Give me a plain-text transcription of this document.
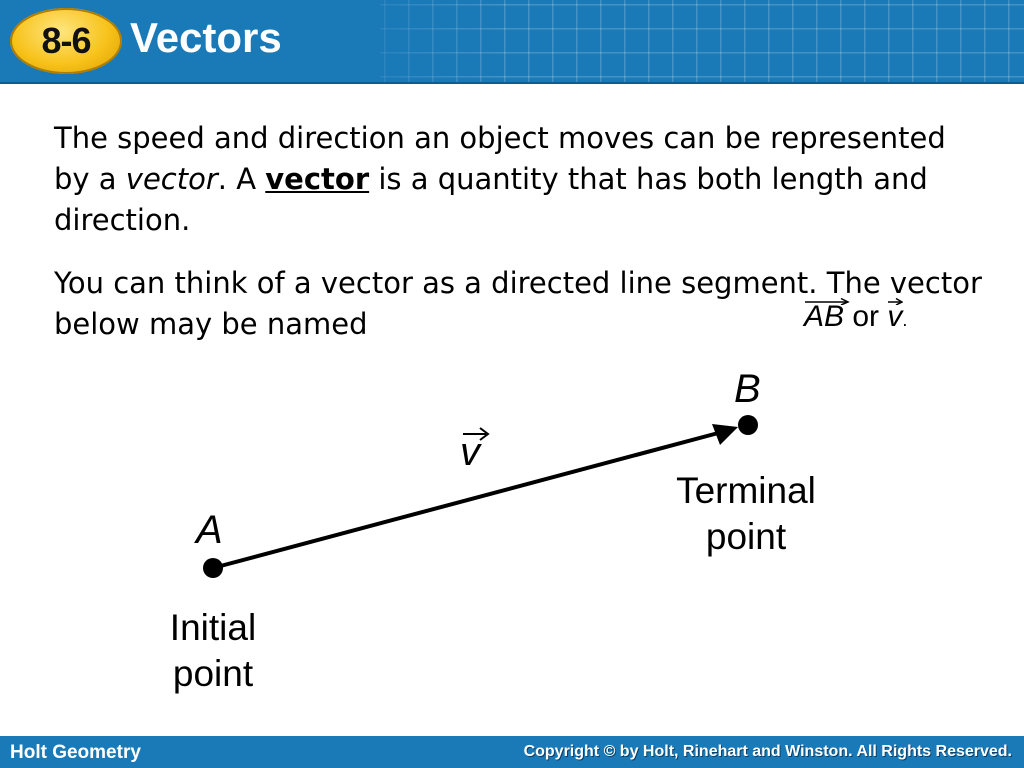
8-6 Vectors
The speed and direction an object moves can be represented by a vector. A vector is a quantity that has both length and direction.
You can think of a vector as a directed line segment. The vector below may be named	AB or
v.
A
B
v
Initial
point
Terminal
point
Holt Geometry	Copyright © by Holt, Rinehart and Winston. All Rights Reserved.
